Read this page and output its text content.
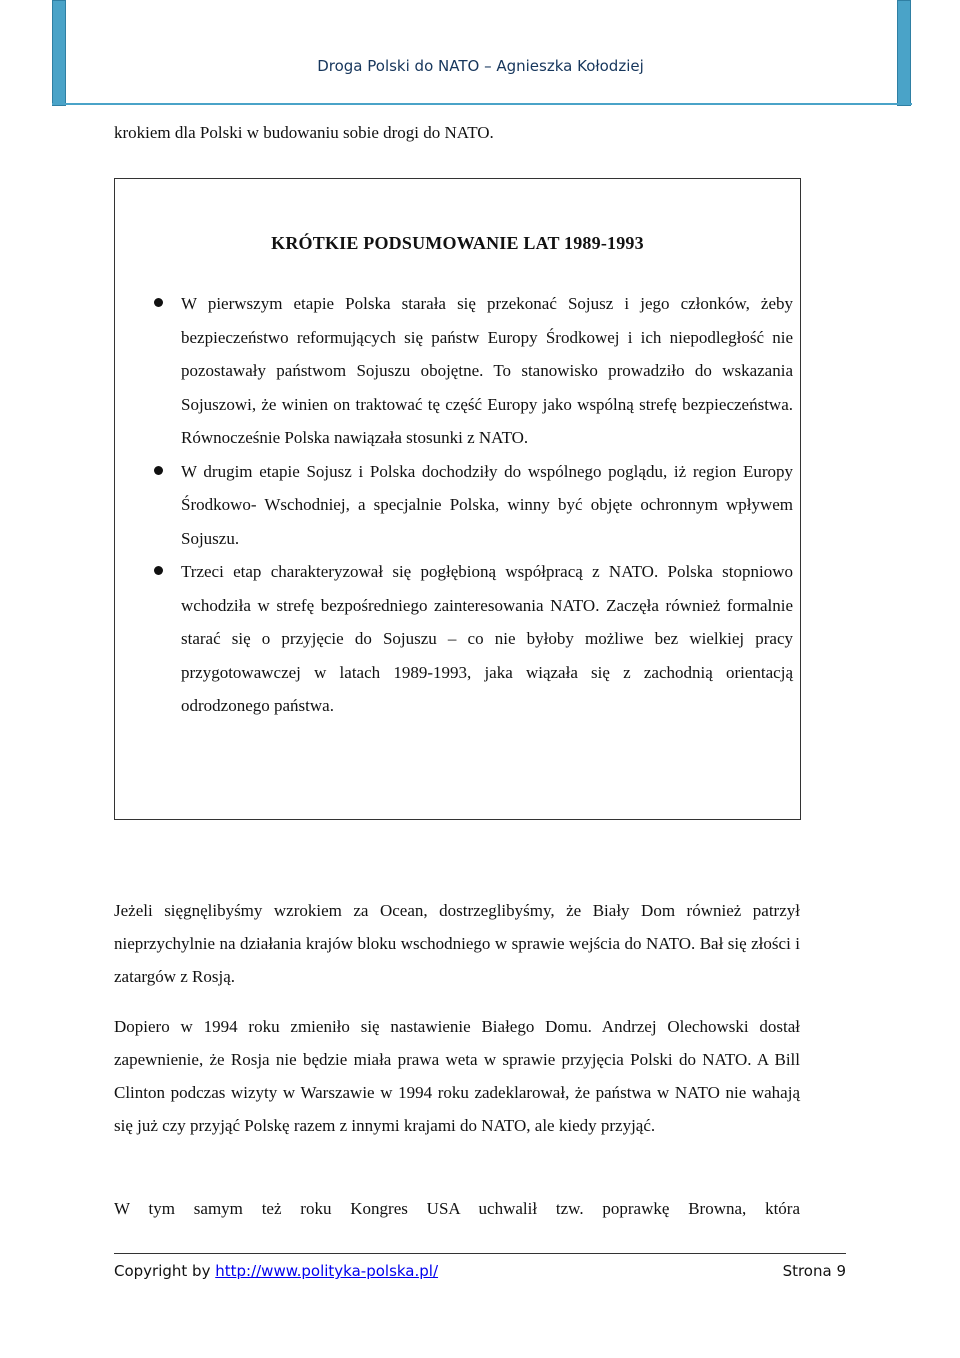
Droga Polski do NATO – Agnieszka Kołodziej

krokiem dla Polski w budowaniu sobie drogi do NATO.

KRÓTKIE PODSUMOWANIE LAT 1989-1993
W pierwszym etapie Polska starała się przekonać Sojusz i jego członków, żeby bezpieczeństwo reformujących się państw Europy Środkowej i ich niepodległość nie pozostawały państwom Sojuszu obojętne. To stanowisko prowadziło do wskazania Sojuszowi, że winien on traktować tę część Europy jako wspólną strefę bezpieczeństwa. Równocześnie Polska nawiązała stosunki z NATO.
W drugim etapie Sojusz i Polska dochodziły do wspólnego poglądu, iż region Europy Środkowo- Wschodniej, a specjalnie Polska, winny być objęte ochronnym wpływem Sojuszu.
Trzeci etap charakteryzował się pogłębioną współpracą z NATO. Polska stopniowo wchodziła w strefę bezpośredniego zainteresowania NATO. Zaczęła również formalnie starać się o przyjęcie do Sojuszu – co nie byłoby możliwe bez wielkiej pracy przygotowawczej w latach 1989-1993, jaka wiązała się z zachodnią orientacją odrodzonego państwa.

Jeżeli sięgnęlibyśmy wzrokiem za Ocean, dostrzeglibyśmy, że Biały Dom również patrzył nieprzychylnie na działania krajów bloku wschodniego w sprawie wejścia do NATO. Bał się złości i zatargów z Rosją.

Dopiero w 1994 roku zmieniło się nastawienie Białego Domu. Andrzej Olechowski dostał zapewnienie, że Rosja nie będzie miała prawa weta w sprawie przyjęcia Polski do NATO. A Bill Clinton podczas wizyty w Warszawie w 1994 roku zadeklarował, że państwa w NATO nie wahają się już czy przyjąć Polskę razem z innymi krajami do NATO, ale kiedy przyjąć.

W tym samym też roku Kongres USA uchwalił tzw. poprawkę Browna, która

Copyright by http://www.polityka-polska.pl/	Strona 9
